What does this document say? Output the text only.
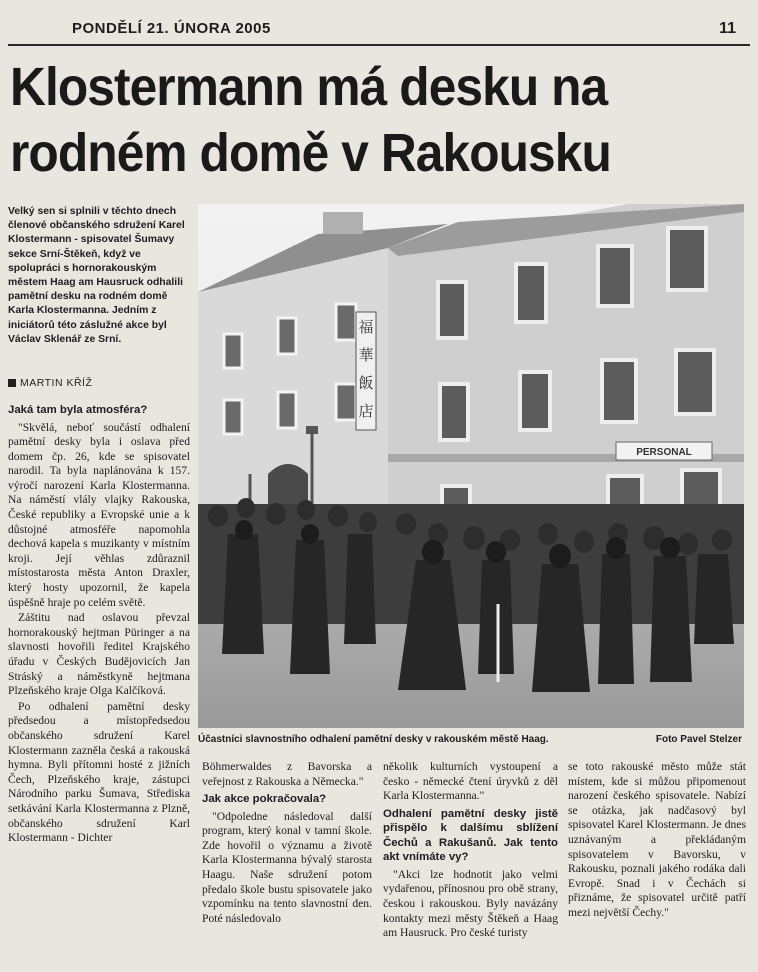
PONDĚLÍ 21. ÚNORA 2005	11
Klostermann má desku na
rodném domě v Rakousku
Velký sen si splnili v těchto dnech členové občanského sdružení Karel Klostermann - spisovatel Šumavy sekce Srní-Štěkeň, když ve spolupráci s hornorakouským městem Haag am Hausruck odhalili pamětní desku na rodném domě Karla Klostermanna. Jedním z iniciátorů této záslužné akce byl Václav Sklenář ze Srní.
MARTIN KŘÍŽ
Jaká tam byla atmosféra?

"Skvělá, neboť součástí odhalení pamětní desky byla i oslava před domem čp. 26, kde se spisovatel narodil. Ta byla naplánována k 157. výročí narození Karla Klostermanna. Na náměstí vlály vlajky Rakouska, České republiky a Evropské unie a k důstojné atmosféře napomohla dechová kapela s muzikanty v místním kroji. Její věhlas zdůraznil místostarosta města Anton Draxler, který hosty upozornil, že kapela úspěšně hraje po celém světě.

Záštitu nad oslavou převzal hornorakouský hejtman Püringer a na slavnosti hovořili ředitel Krajského úřadu v Českých Budějovicích Jan Stráský a náměstkyně hejtmana Plzeňského kraje Olga Kalčíková.

Po odhalení pamětní desky předsedou a místopředsedou občanského sdružení Karel Klostermann zazněla česká a rakouská hymna. Byli přítomni hosté z jižních Čech, Plzeňského kraje, zástupci Národního parku Šumava, Střediska setkávání Karla Klostermanna z Plzně, občanského sdružení Karl Klostermann - Dichter

福
華
飯
店
PERSONAL
Účastníci slavnostního odhalení pamětní desky v rakouském městě Haag.	Foto Pavel Stelzer

Böhmerwaldes z Bavorska a veřejnost z Rakouska a Německa."

Jak akce pokračovala?

"Odpoledne následoval další program, který konal v tamní škole. Zde hovořil o významu a životě Karla Klostermanna bývalý starosta Haagu. Naše sdružení potom předalo škole bustu spisovatele jako vzpomínku na tento slavnostní den. Poté následovalo

několik kulturních vystoupení a česko - německé čtení úryvků z děl Karla Klostermanna."

Odhalení pamětní desky jistě přispělo k dalšímu sblížení Čechů a Rakušanů. Jak tento akt vnímáte vy?

"Akci lze hodnotit jako velmi vydařenou, přínosnou pro obě strany, českou i rakouskou. Byly navázány kontakty mezi městy Štěkeň a Haag am Hausruck. Pro české turisty

se toto rakouské město může stát místem, kde si můžou připomenout narození českého spisovatele. Nabízí se otázka, jak nadčasový byl spisovatel Karel Klostermann. Je dnes uznávaným a překládaným spisovatelem v Bavorsku, v Rakousku, poznali jakého rodáka dali Evropě. Snad i v Čechách si přiznáme, že spisovatel určitě patří mezi největší Čechy."
